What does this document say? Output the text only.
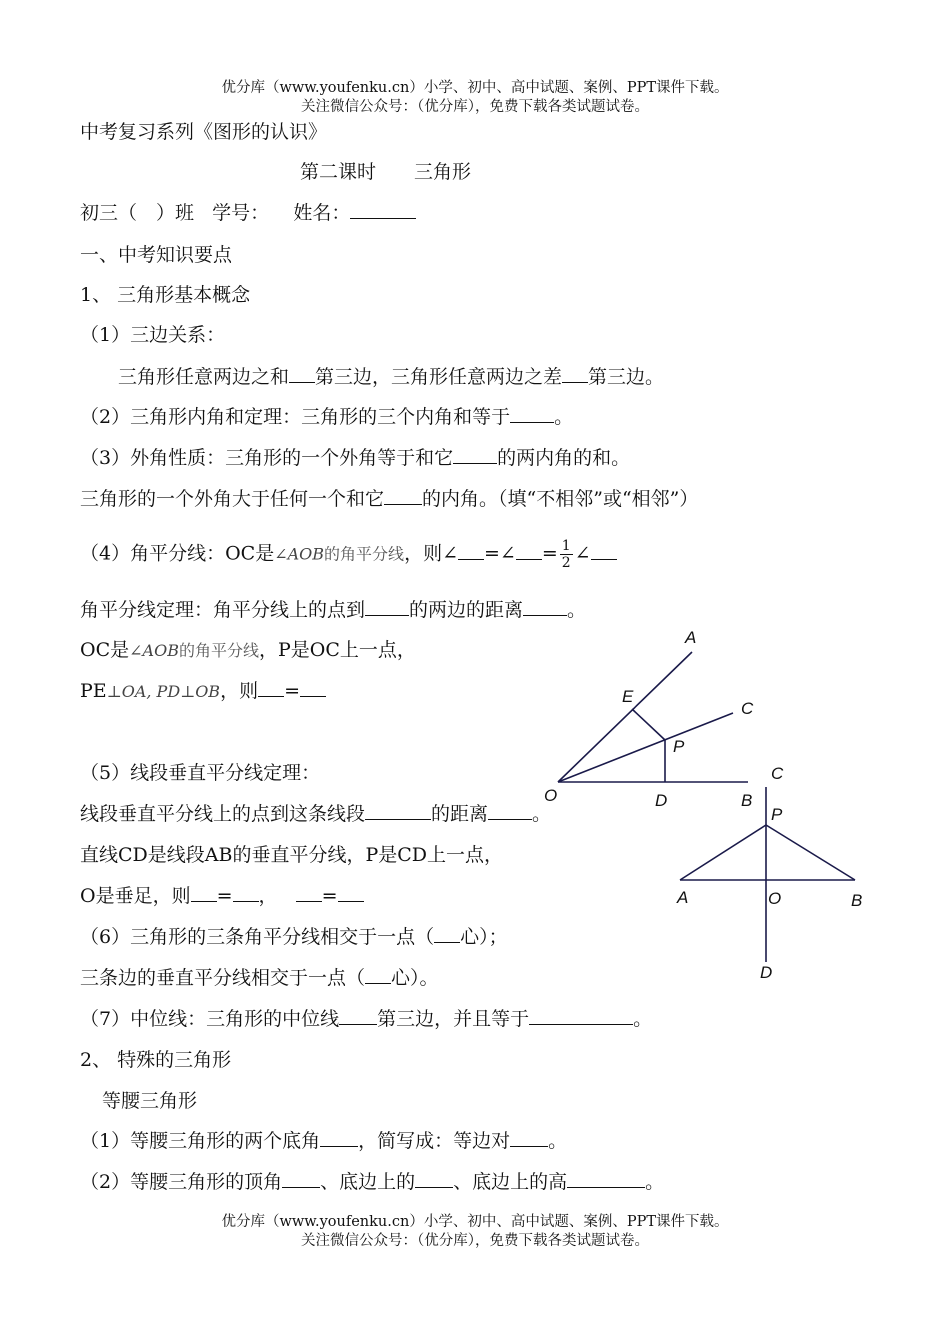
优分库（www.youfenku.cn）小学、初中、高中试题、案例、PPT课件下载。
关注微信公众号：（优分库），免费下载各类试题试卷。
中考复习系列《图形的认识》
第二课时　　三角形
初三（　）班 学号： 姓名：
一、中考知识要点
1、 三角形基本概念
（1）三边关系：
三角形任意两边之和 第三边，三角形任意两边之差 第三边。
（2）三角形内角和定理：三角形的三个内角和等于 。
（3）外角性质：三角形的一个外角等于和它 的两内角的和。
三角形的一个外角大于任何一个和它 的内角。（填“不相邻”或“相邻”）
（4）角平分线：OC是∠AOB的角平分线，则∠ =∠ = $\frac{1}{2}$ ∠
角平分线定理：角平分线上的点到 的两边的距离 。
OC是∠AOB的角平分线，P是OC上一点，
PE⊥OA, PD⊥OB，则 =
（5）线段垂直平分线定理：
线段垂直平分线上的点到这条线段	的距离 。
直线CD是线段AB的垂直平分线，P是CD上一点，
O是垂足，则 = ， =
（6）三角形的三条角平分线相交于一点（ 心）；
三条边的垂直平分线相交于一点（ 心）。
（7）中位线：三角形的中位线 第三边，并且等于	。
2、 特殊的三角形
等腰三角形
（1）等腰三角形的两个底角 ，简写成：等边对 。
（2）等腰三角形的顶角 、底边上的 、底边上的高	。
优分库（www.youfenku.cn）小学、初中、高中试题、案例、PPT课件下载。
关注微信公众号：（优分库），免费下载各类试题试卷。
A
E
C
P
O	D	B
C
P
A	O	B
D
